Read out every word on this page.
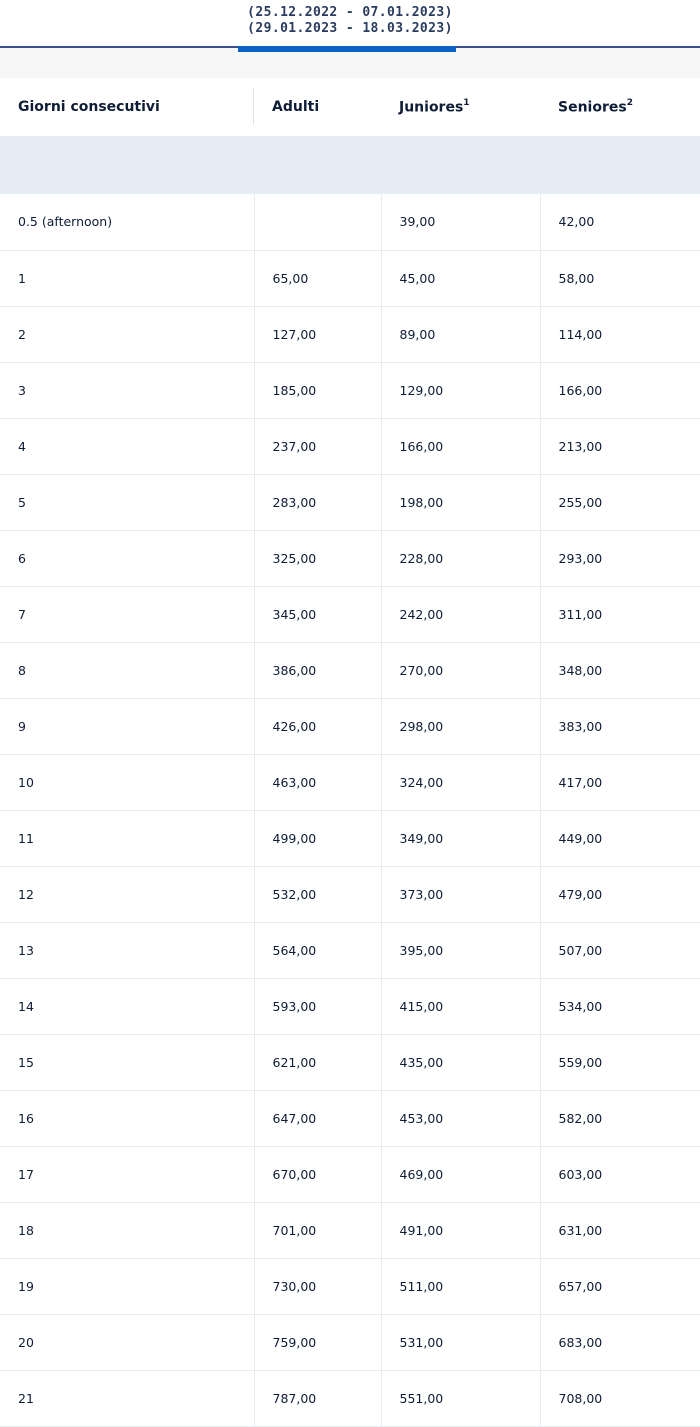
(25.12.2022 - 07.01.2023)
(29.01.2023 - 18.03.2023)
Giorni consecutivi	Adulti	Juniores$^1$	Seniores$^2$

0.5 (afternoon)		39,00	42,00
1	65,00	45,00	58,00
2	127,00	89,00	114,00
3	185,00	129,00	166,00
4	237,00	166,00	213,00
5	283,00	198,00	255,00
6	325,00	228,00	293,00
7	345,00	242,00	311,00
8	386,00	270,00	348,00
9	426,00	298,00	383,00
10	463,00	324,00	417,00
11	499,00	349,00	449,00
12	532,00	373,00	479,00
13	564,00	395,00	507,00
14	593,00	415,00	534,00
15	621,00	435,00	559,00
16	647,00	453,00	582,00
17	670,00	469,00	603,00
18	701,00	491,00	631,00
19	730,00	511,00	657,00
20	759,00	531,00	683,00
21	787,00	551,00	708,00
